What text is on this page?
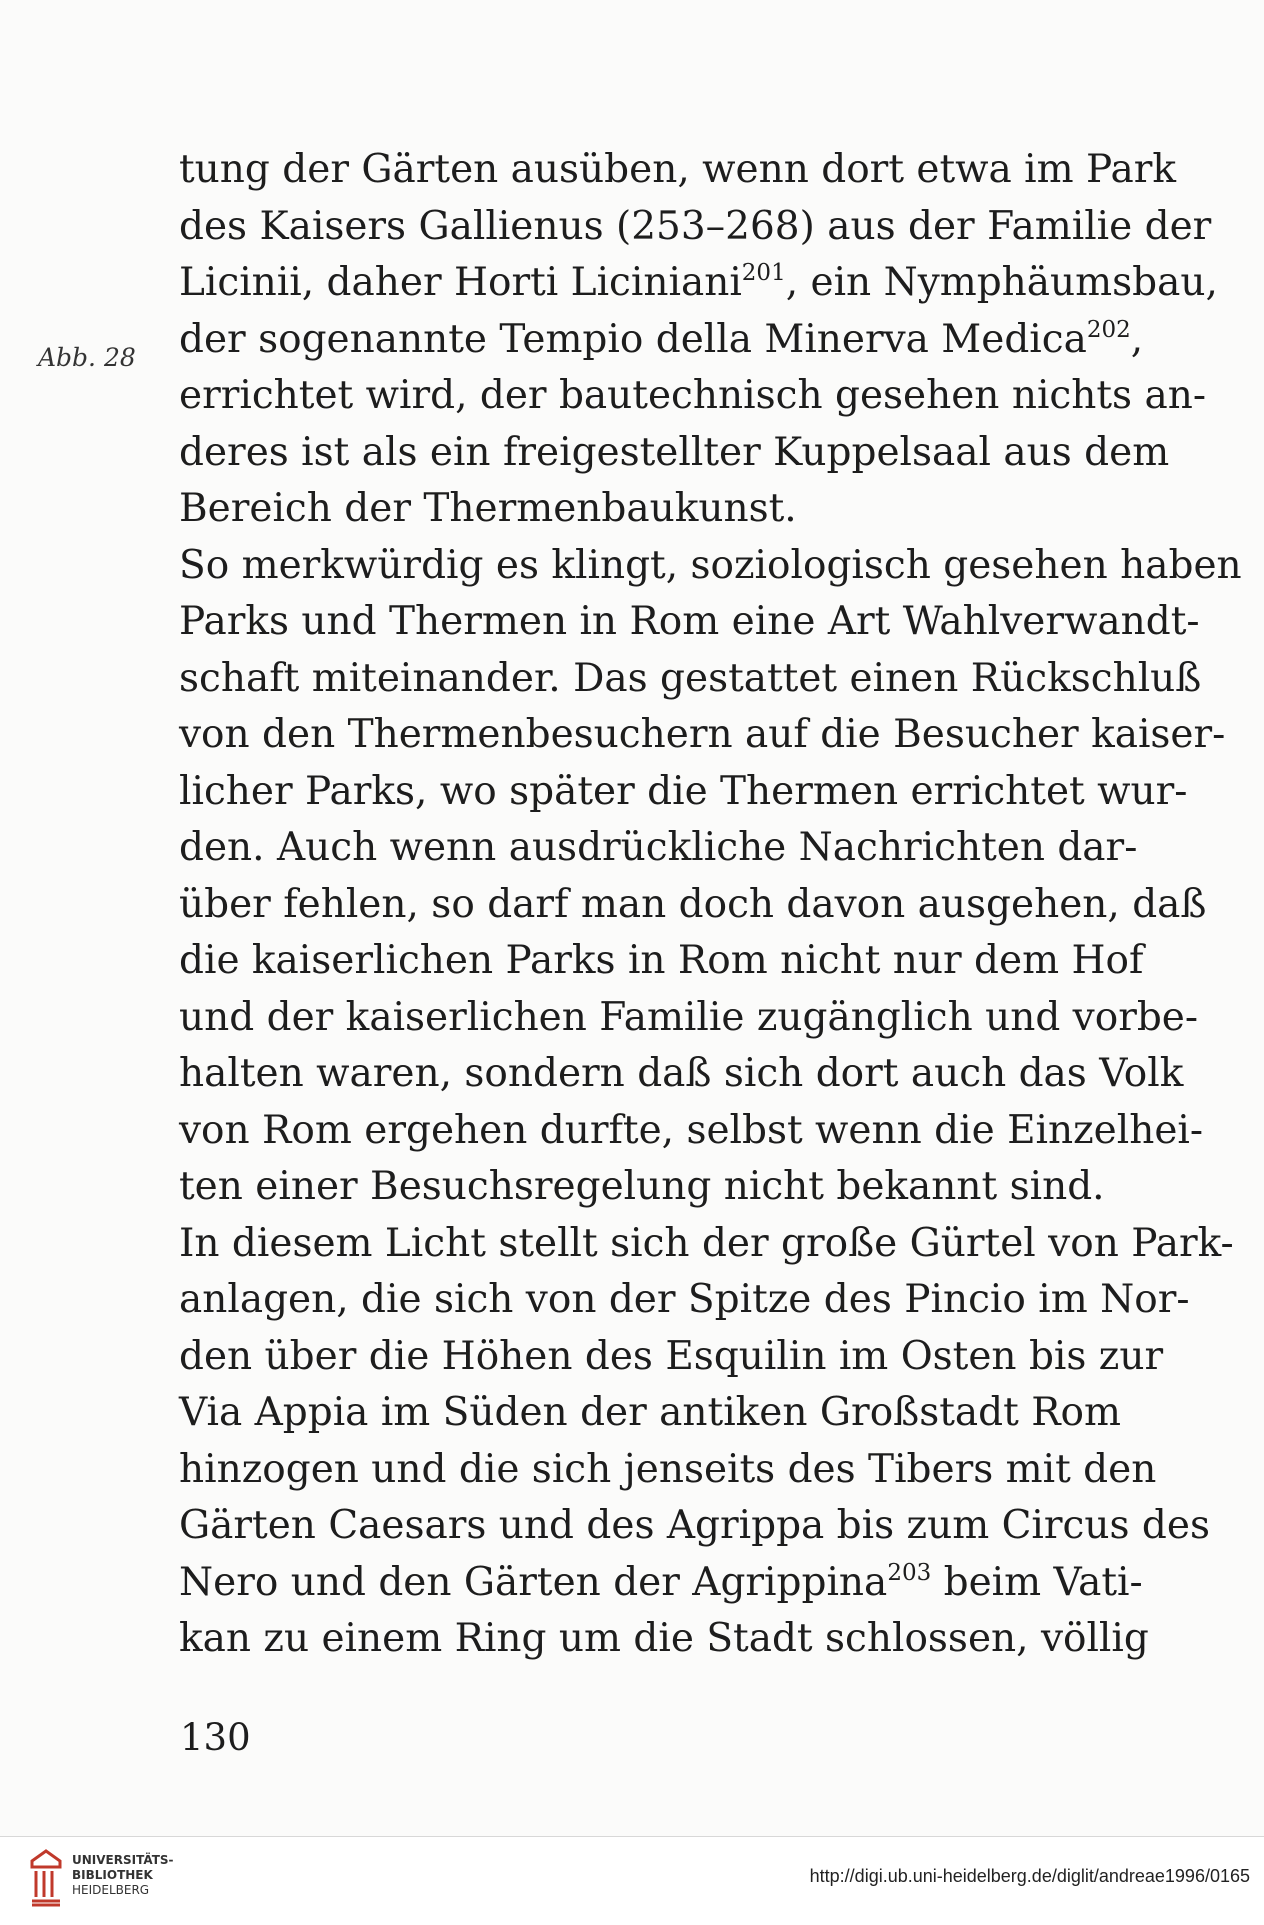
Abb. 28
tung der Gärten ausüben, wenn dort etwa im Park
des Kaisers Gallienus (253–268) aus der Familie der
Licinii, daher Horti Liciniani$^{201}$, ein Nymphäumsbau,
der sogenannte Tempio della Minerva Medica$^{202}$,
errichtet wird, der bautechnisch gesehen nichts an-
deres ist als ein freigestellter Kuppelsaal aus dem
Bereich der Thermenbaukunst.
So merkwürdig es klingt, soziologisch gesehen haben
Parks und Thermen in Rom eine Art Wahlverwandt-
schaft miteinander. Das gestattet einen Rückschluß
von den Thermenbesuchern auf die Besucher kaiser-
licher Parks, wo später die Thermen errichtet wur-
den. Auch wenn ausdrückliche Nachrichten dar-
über fehlen, so darf man doch davon ausgehen, daß
die kaiserlichen Parks in Rom nicht nur dem Hof
und der kaiserlichen Familie zugänglich und vorbe-
halten waren, sondern daß sich dort auch das Volk
von Rom ergehen durfte, selbst wenn die Einzelhei-
ten einer Besuchsregelung nicht bekannt sind.
In diesem Licht stellt sich der große Gürtel von Park-
anlagen, die sich von der Spitze des Pincio im Nor-
den über die Höhen des Esquilin im Osten bis zur
Via Appia im Süden der antiken Großstadt Rom
hinzogen und die sich jenseits des Tibers mit den
Gärten Caesars und des Agrippa bis zum Circus des
Nero und den Gärten der Agrippina$^{203}$ beim Vati-
kan zu einem Ring um die Stadt schlossen, völlig
130
UNIVERSITÄTS-
BIBLIOTHEK
HEIDELBERG
http://digi.ub.uni-heidelberg.de/diglit/andreae1996/0165
